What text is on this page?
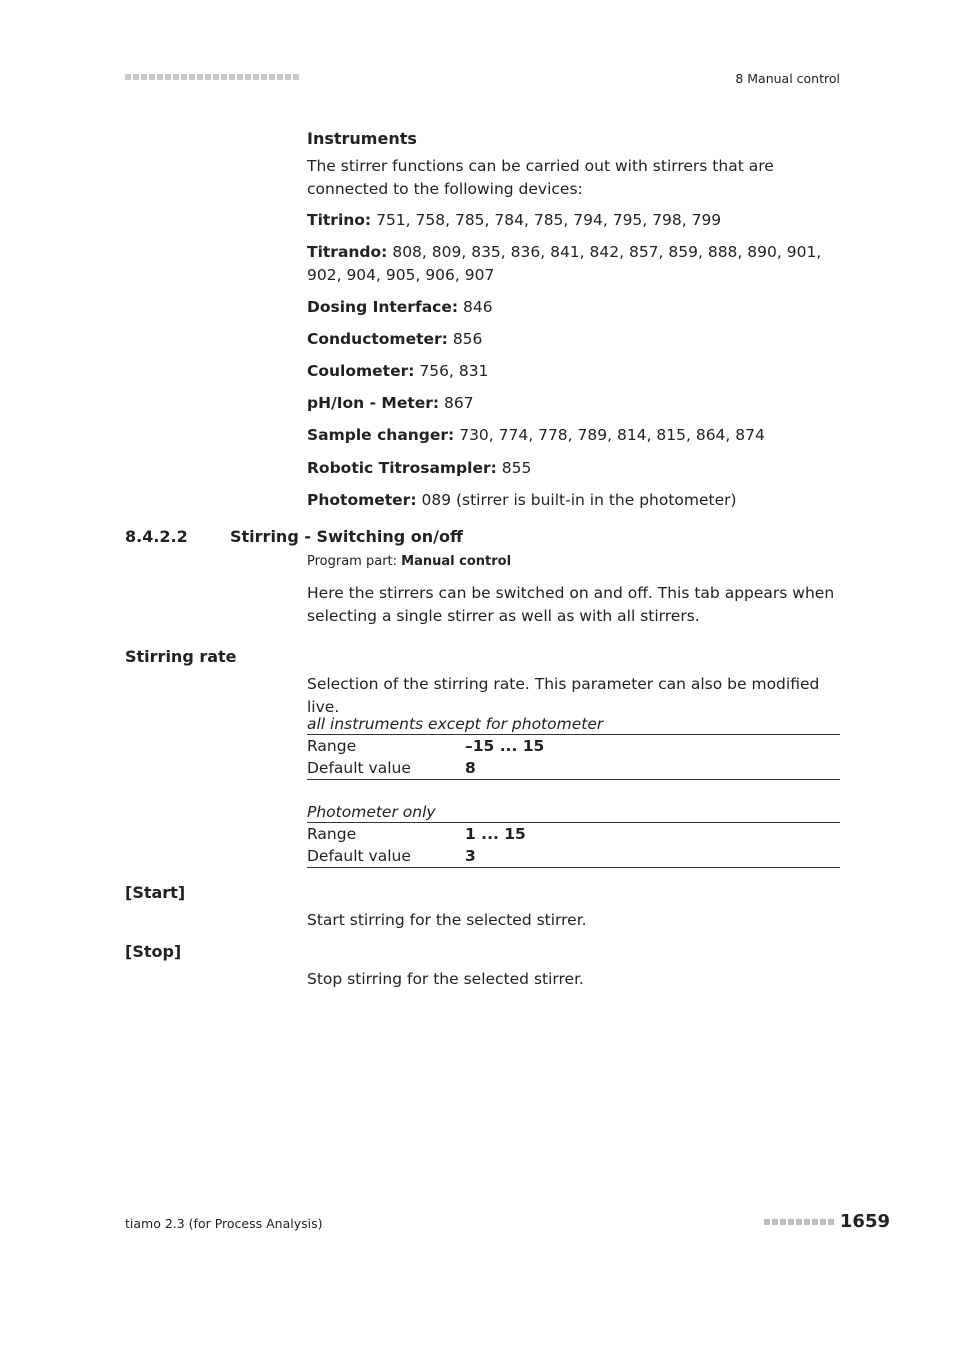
8 Manual control
Instruments

The stirrer functions can be carried out with stirrers that are connected to the following devices:

Titrino: 751, 758, 785, 784, 785, 794, 795, 798, 799

Titrando: 808, 809, 835, 836, 841, 842, 857, 859, 888, 890, 901, 902, 904, 905, 906, 907

Dosing Interface: 846

Conductometer: 856

Coulometer: 756, 831

pH/Ion - Meter: 867

Sample changer: 730, 774, 778, 789, 814, 815, 864, 874

Robotic Titrosampler: 855

Photometer: 089 (stirrer is built-in in the photometer)

8.4.2.2	Stirring - Switching on/off
Program part: Manual control

Here the stirrers can be switched on and off. This tab appears when selecting a single stirrer as well as with all stirrers.

Stirring rate

Selection of the stirring rate. This parameter can also be modified live.

all instruments except for photometer
Range	–15 ... 15
Default value	8
Photometer only
Range	1 ... 15
Default value	3
[Start]

Start stirring for the selected stirrer.

[Stop]

Stop stirring for the selected stirrer.

tiamo 2.3 (for Process Analysis)	1659
